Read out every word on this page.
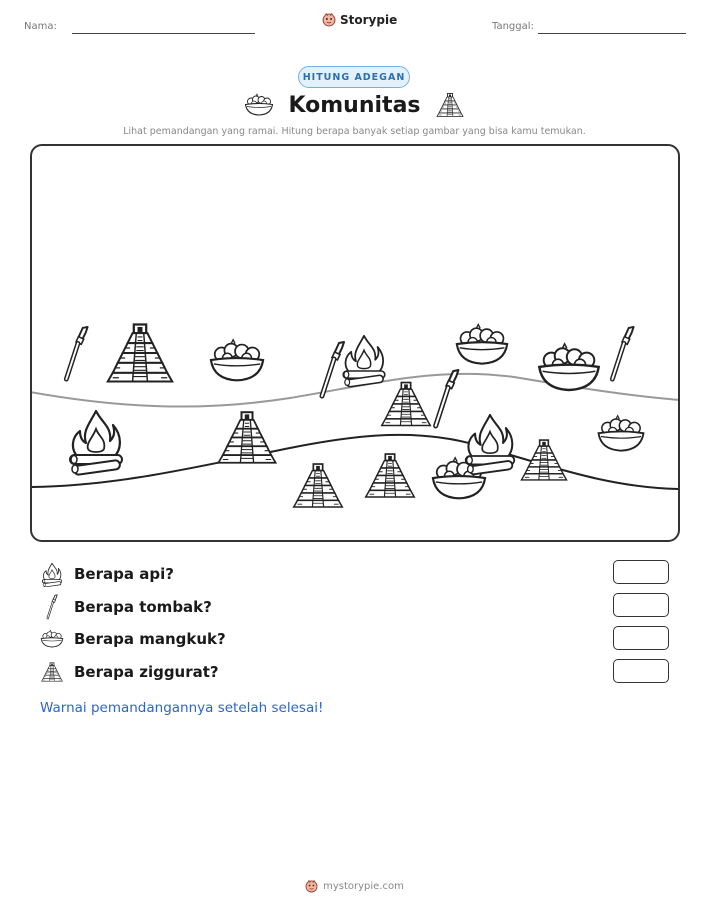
Nama:	Storypie	Tanggal:
HITUNG ADEGAN
Komunitas
Lihat pemandangan yang ramai. Hitung berapa banyak setiap gambar yang bisa kamu temukan.
Berapa api?
Berapa tombak?
Berapa mangkuk?
Berapa ziggurat?
Warnai pemandangannya setelah selesai!
mystorypie.com
